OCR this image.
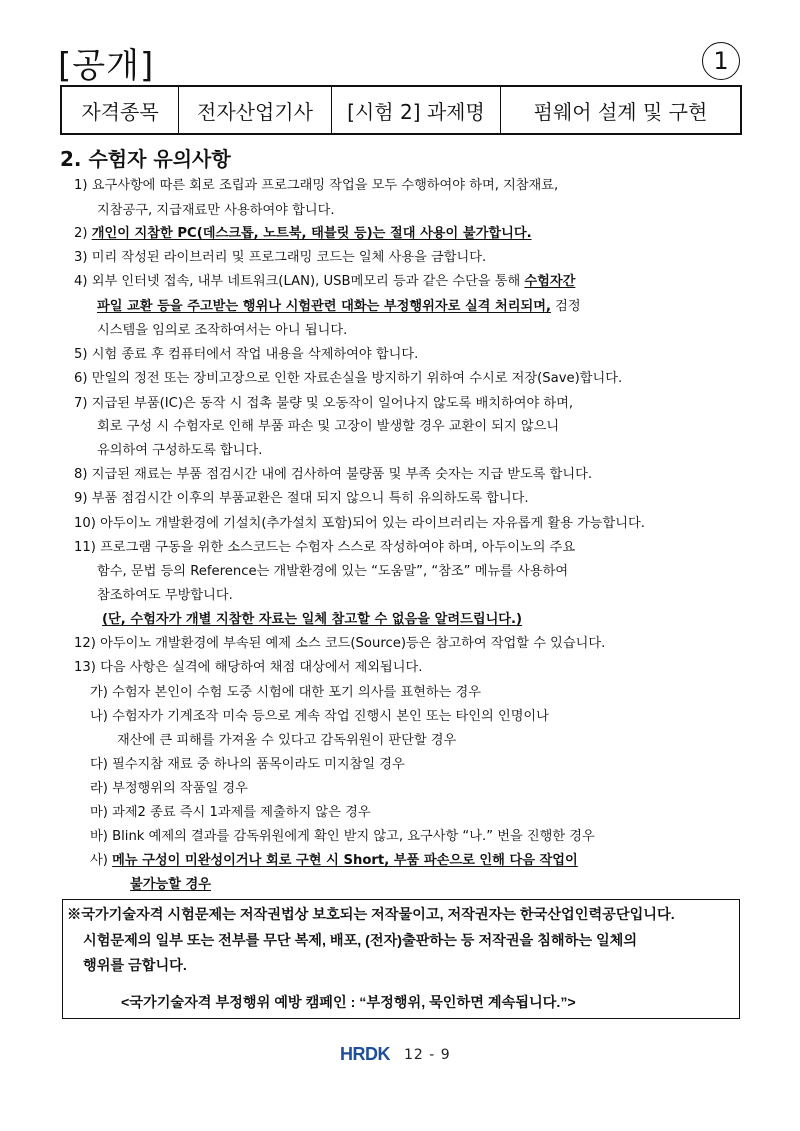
[공개]	1
자격종목	전자산업기사	[시험 2] 과제명	펌웨어 설계 및 구현
2. 수험자 유의사항
1) 요구사항에 따른 회로 조립과 프로그래밍 작업을 모두 수행하여야 하며, 지참재료,
지참공구, 지급재료만 사용하여야 합니다.
2) 개인이 지참한 PC(데스크톱, 노트북, 태블릿 등)는 절대 사용이 불가합니다.
3) 미리 작성된 라이브러리 및 프로그래밍 코드는 일체 사용을 금합니다.
4) 외부 인터넷 접속, 내부 네트워크(LAN), USB메모리 등과 같은 수단을 통해 수험자간
파일 교환 등을 주고받는 행위나 시험관련 대화는 부정행위자로 실격 처리되며, 검정
시스템을 임의로 조작하여서는 아니 됩니다.
5) 시험 종료 후 컴퓨터에서 작업 내용을 삭제하여야 합니다.
6) 만일의 정전 또는 장비고장으로 인한 자료손실을 방지하기 위하여 수시로 저장(Save)합니다.
7) 지급된 부품(IC)은 동작 시 접촉 불량 및 오동작이 일어나지 않도록 배치하여야 하며,
회로 구성 시 수험자로 인해 부품 파손 및 고장이 발생할 경우 교환이 되지 않으니
유의하여 구성하도록 합니다.
8) 지급된 재료는 부품 점검시간 내에 검사하여 불량품 및 부족 숫자는 지급 받도록 합니다.
9) 부품 점검시간 이후의 부품교환은 절대 되지 않으니 특히 유의하도록 합니다.
10) 아두이노 개발환경에 기설치(추가설치 포함)되어 있는 라이브러리는 자유롭게 활용 가능합니다.
11) 프로그램 구동을 위한 소스코드는 수험자 스스로 작성하여야 하며, 아두이노의 주요
함수, 문법 등의 Reference는 개발환경에 있는 “도움말”, “참조” 메뉴를 사용하여
참조하여도 무방합니다.
(단, 수험자가 개별 지참한 자료는 일체 참고할 수 없음을 알려드립니다.)
12) 아두이노 개발환경에 부속된 예제 소스 코드(Source)등은 참고하여 작업할 수 있습니다.
13) 다음 사항은 실격에 해당하여 채점 대상에서 제외됩니다.
가) 수험자 본인이 수험 도중 시험에 대한 포기 의사를 표현하는 경우
나) 수험자가 기계조작 미숙 등으로 계속 작업 진행시 본인 또는 타인의 인명이나
재산에 큰 피해를 가져올 수 있다고 감독위원이 판단할 경우
다) 필수지참 재료 중 하나의 품목이라도 미지참일 경우
라) 부정행위의 작품일 경우
마) 과제2 종료 즉시 1과제를 제출하지 않은 경우
바) Blink 예제의 결과를 감독위원에게 확인 받지 않고, 요구사항 “나.” 번을 진행한 경우
사) 메뉴 구성이 미완성이거나 회로 구현 시 Short, 부품 파손으로 인해 다음 작업이
불가능할 경우
※국가기술자격 시험문제는 저작권법상 보호되는 저작물이고, 저작권자는 한국산업인력공단입니다.
시험문제의 일부 또는 전부를 무단 복제, 배포, (전자)출판하는 등 저작권을 침해하는 일체의
행위를 금합니다.
<국가기술자격 부정행위 예방 캠페인 : “부정행위, 묵인하면 계속됩니다.”>
HRDK 12 - 9
